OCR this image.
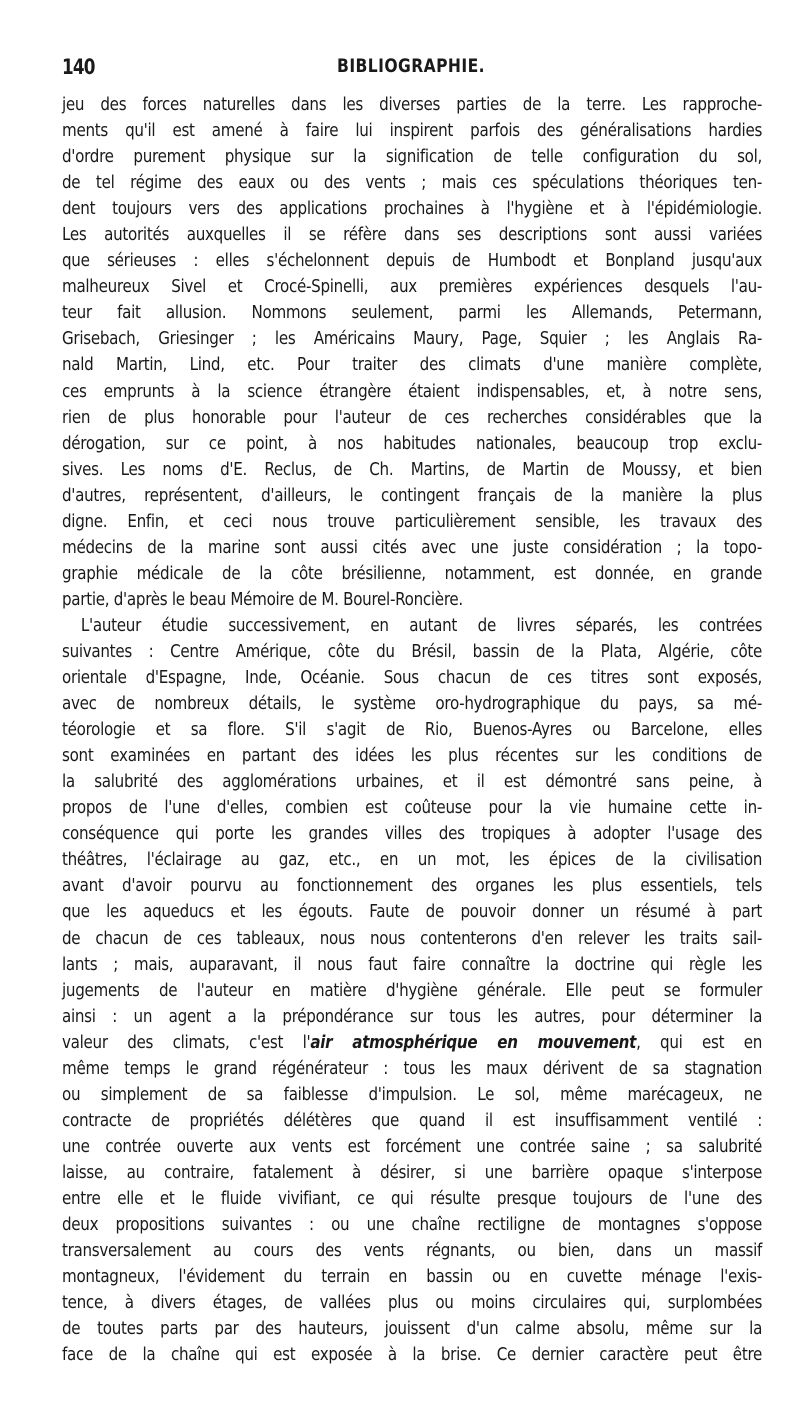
140	BIBLIOGRAPHIE.
jeu des forces naturelles dans les diverses parties de la terre. Les rapproche-
ments qu'il est amené à faire lui inspirent parfois des généralisations hardies
d'ordre purement physique sur la signification de telle configuration du sol,
de tel régime des eaux ou des vents ; mais ces spéculations théoriques ten-
dent toujours vers des applications prochaines à l'hygiène et à l'épidémiologie.
Les autorités auxquelles il se réfère dans ses descriptions sont aussi variées
que sérieuses : elles s'échelonnent depuis de Humbodt et Bonpland jusqu'aux
malheureux Sivel et Crocé-Spinelli, aux premières expériences desquels l'au-
teur fait allusion. Nommons seulement, parmi les Allemands, Petermann,
Grisebach, Griesinger ; les Américains Maury, Page, Squier ; les Anglais Ra-
nald Martin, Lind, etc. Pour traiter des climats d'une manière complète,
ces emprunts à la science étrangère étaient indispensables, et, à notre sens,
rien de plus honorable pour l'auteur de ces recherches considérables que la
dérogation, sur ce point, à nos habitudes nationales, beaucoup trop exclu-
sives. Les noms d'E. Reclus, de Ch. Martins, de Martin de Moussy, et bien
d'autres, représentent, d'ailleurs, le contingent français de la manière la plus
digne. Enfin, et ceci nous trouve particulièrement sensible, les travaux des
médecins de la marine sont aussi cités avec une juste considération ; la topo-
graphie médicale de la côte brésilienne, notamment, est donnée, en grande
partie, d'après le beau Mémoire de M. Bourel-Roncière.
L'auteur étudie successivement, en autant de livres séparés, les contrées
suivantes : Centre Amérique, côte du Brésil, bassin de la Plata, Algérie, côte
orientale d'Espagne, Inde, Océanie. Sous chacun de ces titres sont exposés,
avec de nombreux détails, le système oro-hydrographique du pays, sa mé-
téorologie et sa flore. S'il s'agit de Rio, Buenos-Ayres ou Barcelone, elles
sont examinées en partant des idées les plus récentes sur les conditions de
la salubrité des agglomérations urbaines, et il est démontré sans peine, à
propos de l'une d'elles, combien est coûteuse pour la vie humaine cette in-
conséquence qui porte les grandes villes des tropiques à adopter l'usage des
théâtres, l'éclairage au gaz, etc., en un mot, les épices de la civilisation
avant d'avoir pourvu au fonctionnement des organes les plus essentiels, tels
que les aqueducs et les égouts. Faute de pouvoir donner un résumé à part
de chacun de ces tableaux, nous nous contenterons d'en relever les traits sail-
lants ; mais, auparavant, il nous faut faire connaître la doctrine qui règle les
jugements de l'auteur en matière d'hygiène générale. Elle peut se formuler
ainsi : un agent a la prépondérance sur tous les autres, pour déterminer la
valeur des climats, c'est l'air atmosphérique en mouvement, qui est en
même temps le grand régénérateur : tous les maux dérivent de sa stagnation
ou simplement de sa faiblesse d'impulsion. Le sol, même marécageux, ne
contracte de propriétés délétères que quand il est insuffisamment ventilé :
une contrée ouverte aux vents est forcément une contrée saine ; sa salubrité
laisse, au contraire, fatalement à désirer, si une barrière opaque s'interpose
entre elle et le fluide vivifiant, ce qui résulte presque toujours de l'une des
deux propositions suivantes : ou une chaîne rectiligne de montagnes s'oppose
transversalement au cours des vents régnants, ou bien, dans un massif
montagneux, l'évidement du terrain en bassin ou en cuvette ménage l'exis-
tence, à divers étages, de vallées plus ou moins circulaires qui, surplombées
de toutes parts par des hauteurs, jouissent d'un calme absolu, même sur la
face de la chaîne qui est exposée à la brise. Ce dernier caractère peut être
